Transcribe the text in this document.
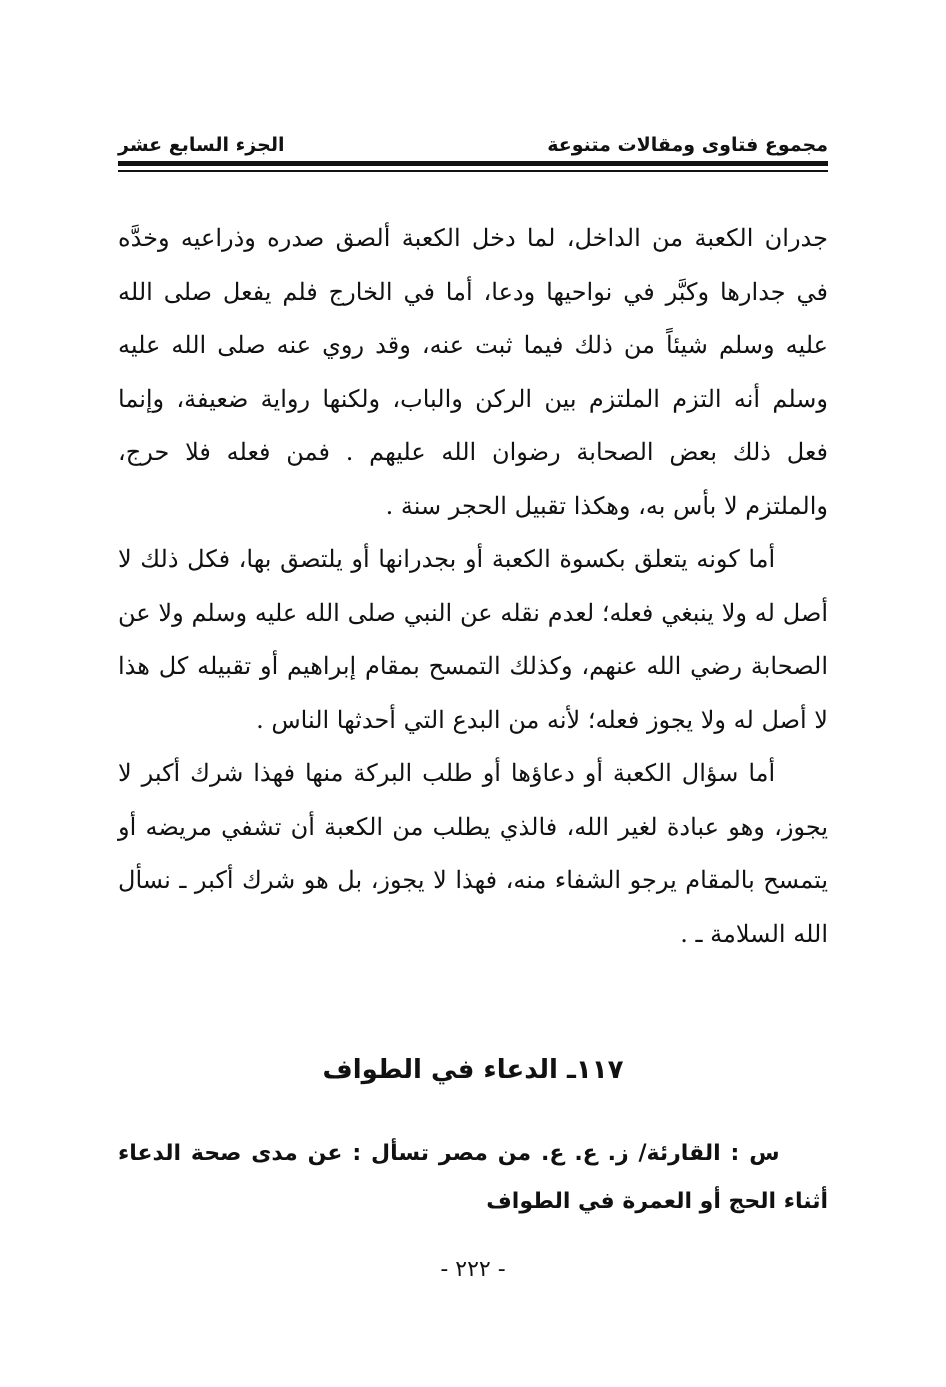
مجموع فتاوى ومقالات متنوعة
الجزء السابع عشر

جدران الكعبة من الداخل، لما دخل الكعبة ألصق صدره وذراعيه وخدَّه في جدارها وكبَّر في نواحيها ودعا، أما في الخارج فلم يفعل صلى الله عليه وسلم شيئاً من ذلك فيما ثبت عنه، وقد روي عنه صلى الله عليه وسلم أنه التزم الملتزم بين الركن والباب، ولكنها رواية ضعيفة، وإنما فعل ذلك بعض الصحابة رضوان الله عليهم . فمن فعله فلا حرج، والملتزم لا بأس به، وهكذا تقبيل الحجر سنة .

أما كونه يتعلق بكسوة الكعبة أو بجدرانها أو يلتصق بها، فكل ذلك لا أصل له ولا ينبغي فعله؛ لعدم نقله عن النبي صلى الله عليه وسلم ولا عن الصحابة رضي الله عنهم، وكذلك التمسح بمقام إبراهيم أو تقبيله كل هذا لا أصل له ولا يجوز فعله؛ لأنه من البدع التي أحدثها الناس .

أما سؤال الكعبة أو دعاؤها أو طلب البركة منها فهذا شرك أكبر لا يجوز، وهو عبادة لغير الله، فالذي يطلب من الكعبة أن تشفي مريضه أو يتمسح بالمقام يرجو الشفاء منه، فهذا لا يجوز، بل هو شرك أكبر ـ نسأل الله السلامة ـ .

١١٧ـ الدعاء في الطواف
س : القارئة/ ز. ع. ع. من مصر تسأل : عن مدى صحة الدعاء أثناء الحج أو العمرة في الطواف
- ٢٢٢ -
